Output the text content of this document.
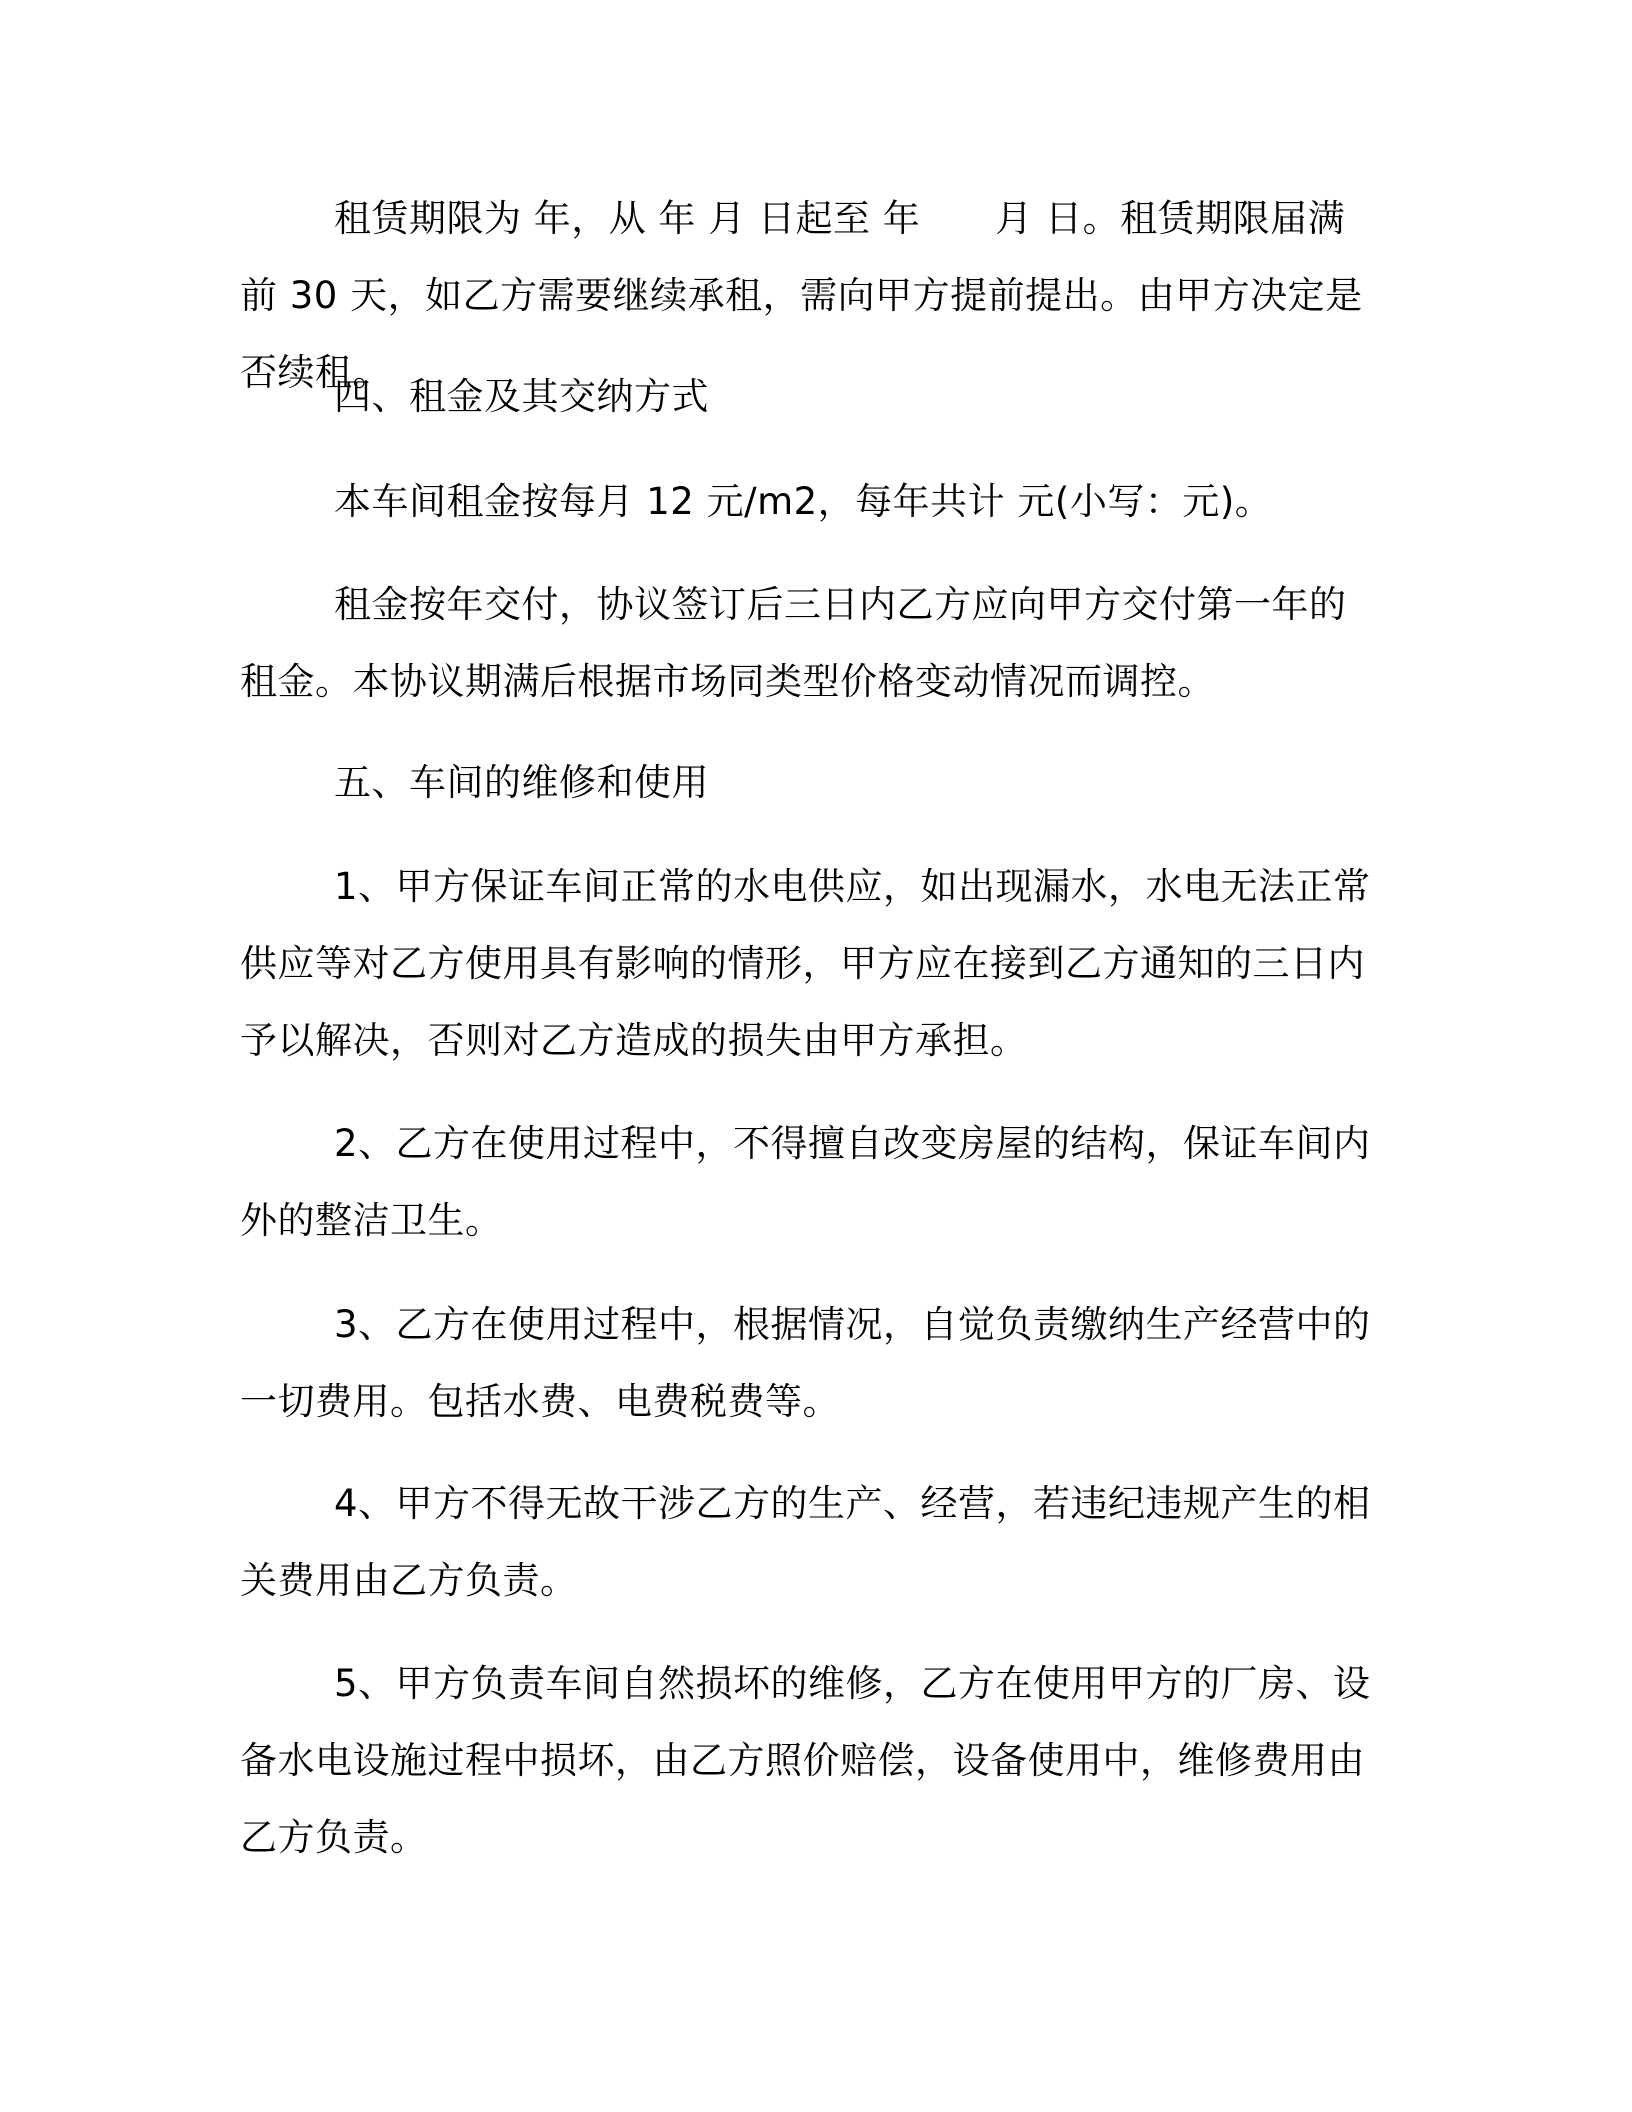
租赁期限为 年，从 年 月 日起至 年　　月 日。租赁期限届满前 30 天，如乙方需要继续承租，需向甲方提前提出。由甲方决定是否续租。

四、租金及其交纳方式

本车间租金按每月 12 元/m2，每年共计 元(小写：元)。

租金按年交付，协议签订后三日内乙方应向甲方交付第一年的租金。本协议期满后根据市场同类型价格变动情况而调控。

五、车间的维修和使用

1、甲方保证车间正常的水电供应，如出现漏水，水电无法正常供应等对乙方使用具有影响的情形，甲方应在接到乙方通知的三日内予以解决，否则对乙方造成的损失由甲方承担。

2、乙方在使用过程中，不得擅自改变房屋的结构，保证车间内外的整洁卫生。

3、乙方在使用过程中，根据情况，自觉负责缴纳生产经营中的一切费用。包括水费、电费税费等。

4、甲方不得无故干涉乙方的生产、经营，若违纪违规产生的相关费用由乙方负责。

5、甲方负责车间自然损坏的维修，乙方在使用甲方的厂房、设备水电设施过程中损坏，由乙方照价赔偿，设备使用中，维修费用由乙方负责。
